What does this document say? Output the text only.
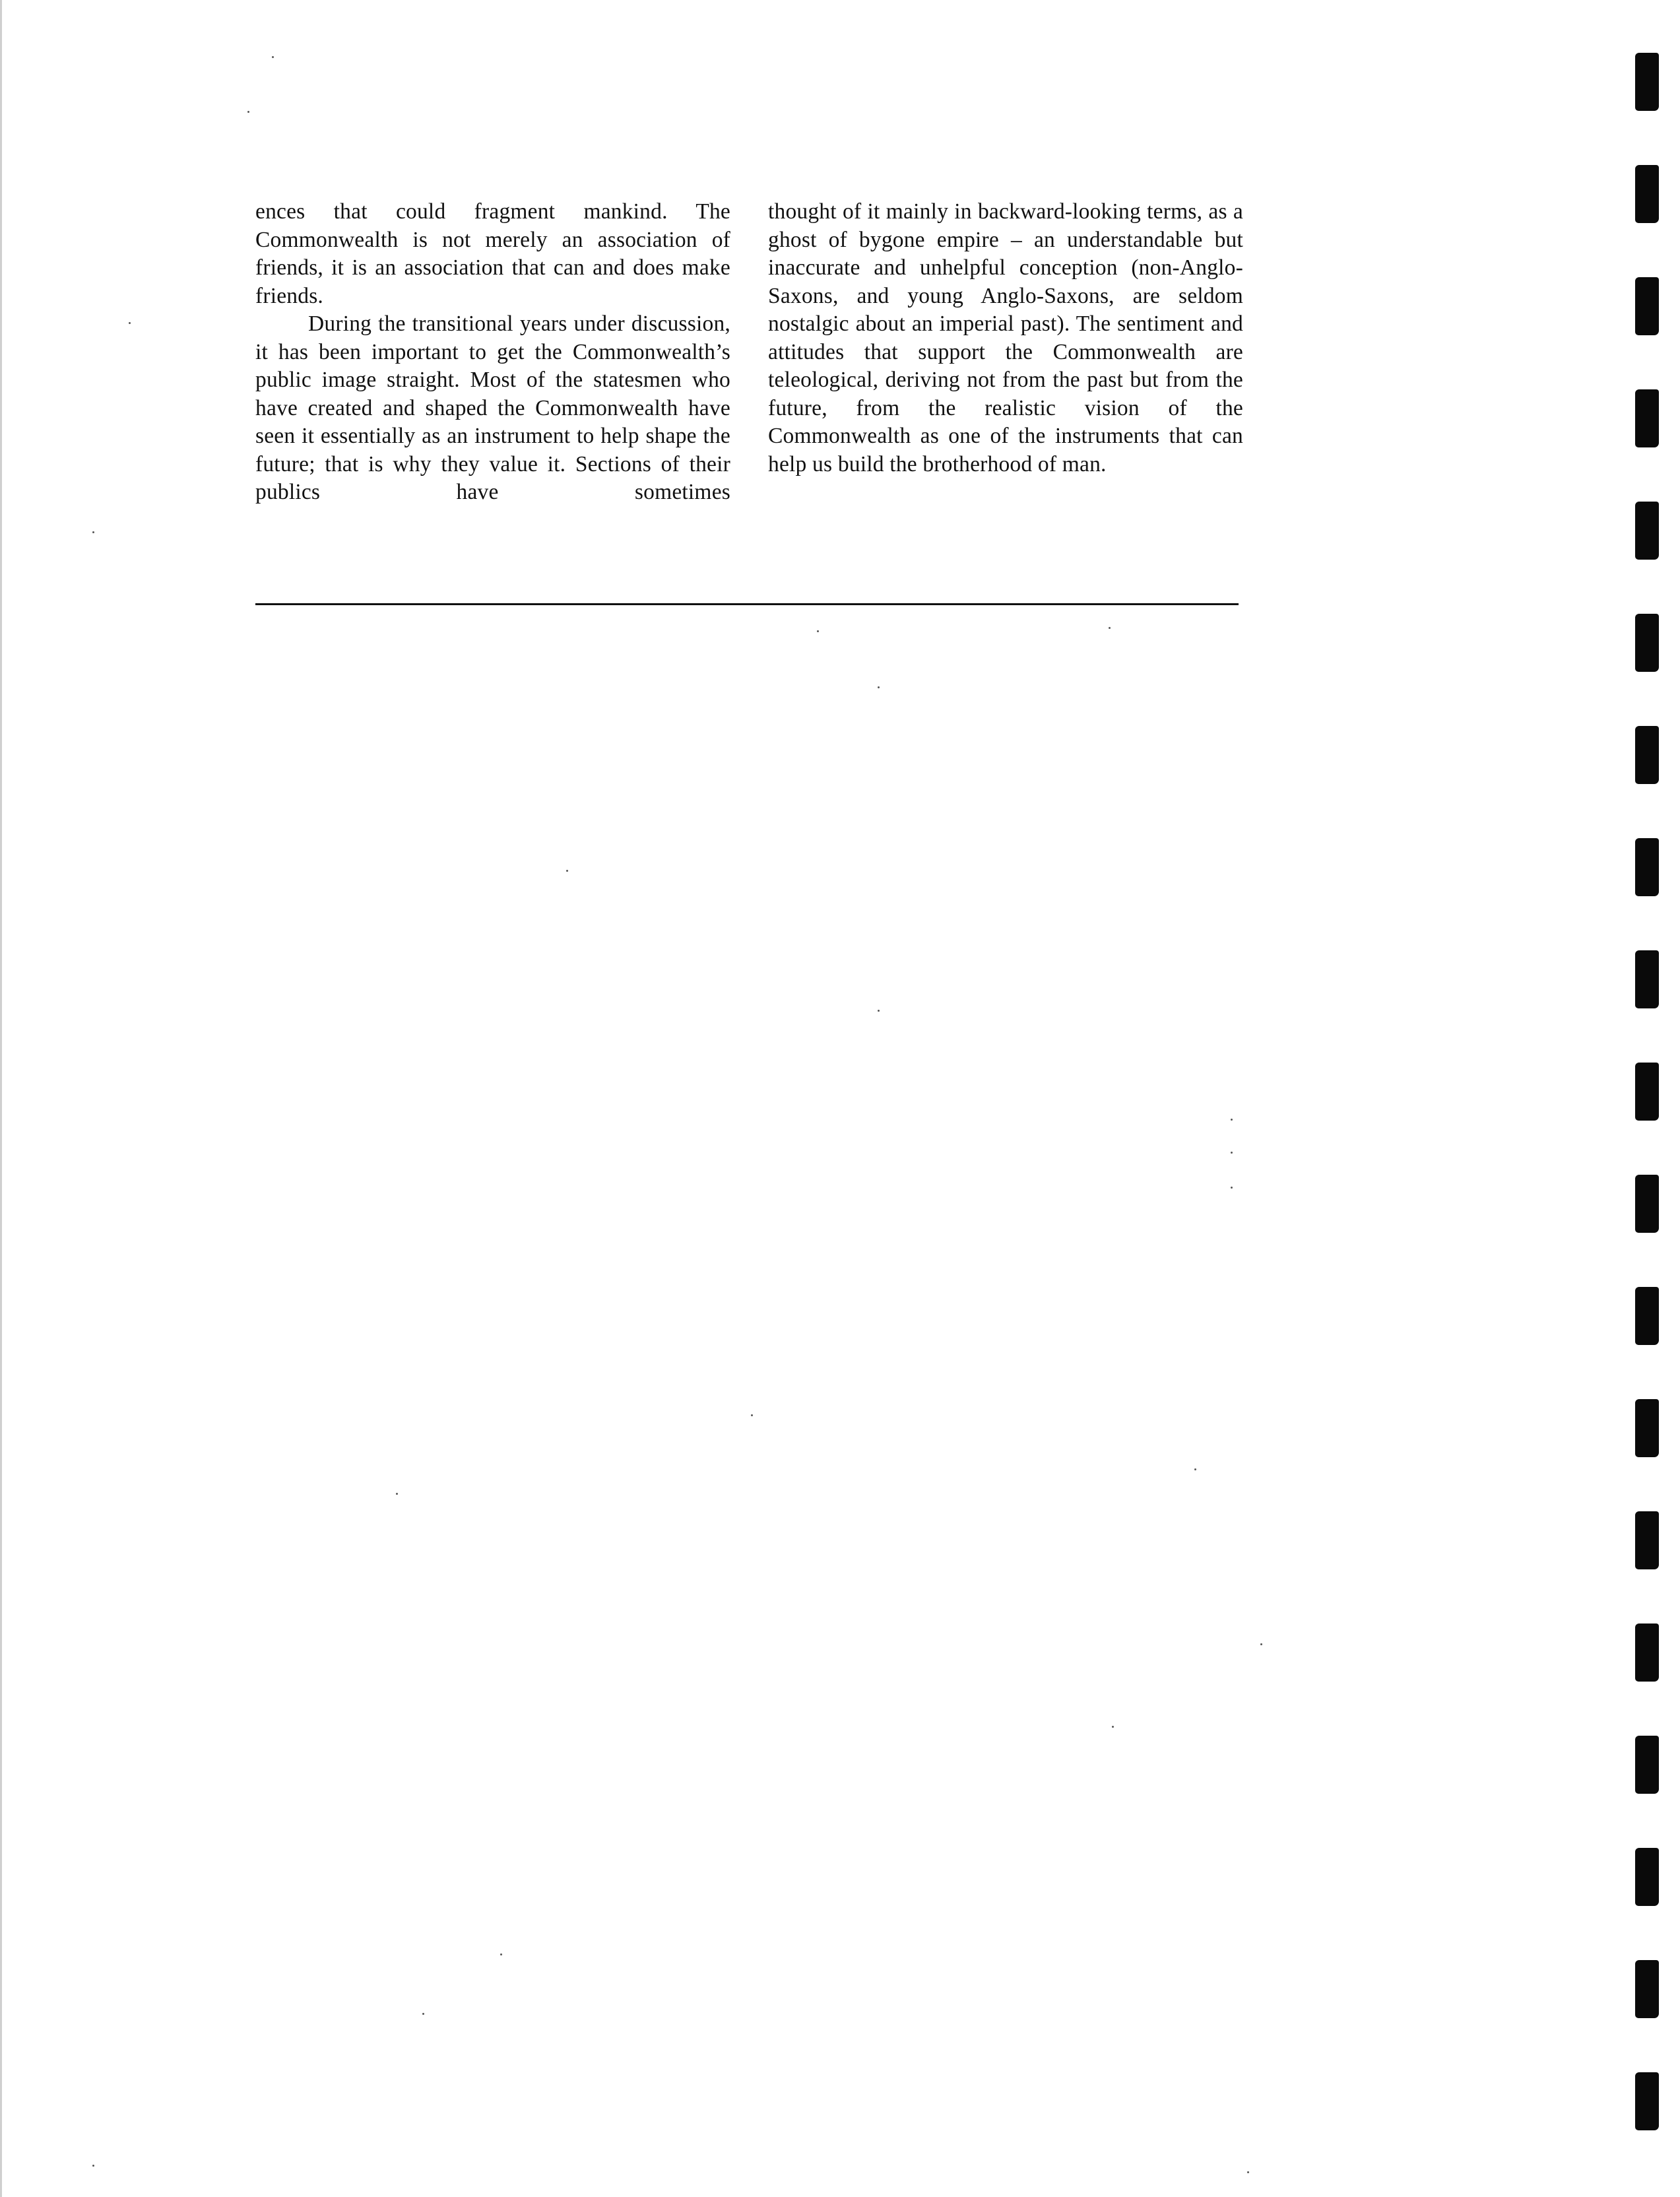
ences that could fragment mankind. The Commonwealth is not merely an association of friends, it is an association that can and does make friends.

During the transitional years under discussion, it has been important to get the Commonwealth’s public image straight. Most of the statesmen who have created and shaped the Commonwealth have seen it essentially as an instrument to help shape the future; that is why they value it. Sections of their publics have sometimes

thought of it mainly in backward-looking terms, as a ghost of bygone empire – an understandable but inaccurate and unhelpful conception (non-Anglo-Saxons, and young Anglo-Saxons, are seldom nostalgic about an imperial past). The sentiment and attitudes that support the Commonwealth are teleological, deriving not from the past but from the future, from the realistic vision of the Commonwealth as one of the instruments that can help us build the brotherhood of man.
